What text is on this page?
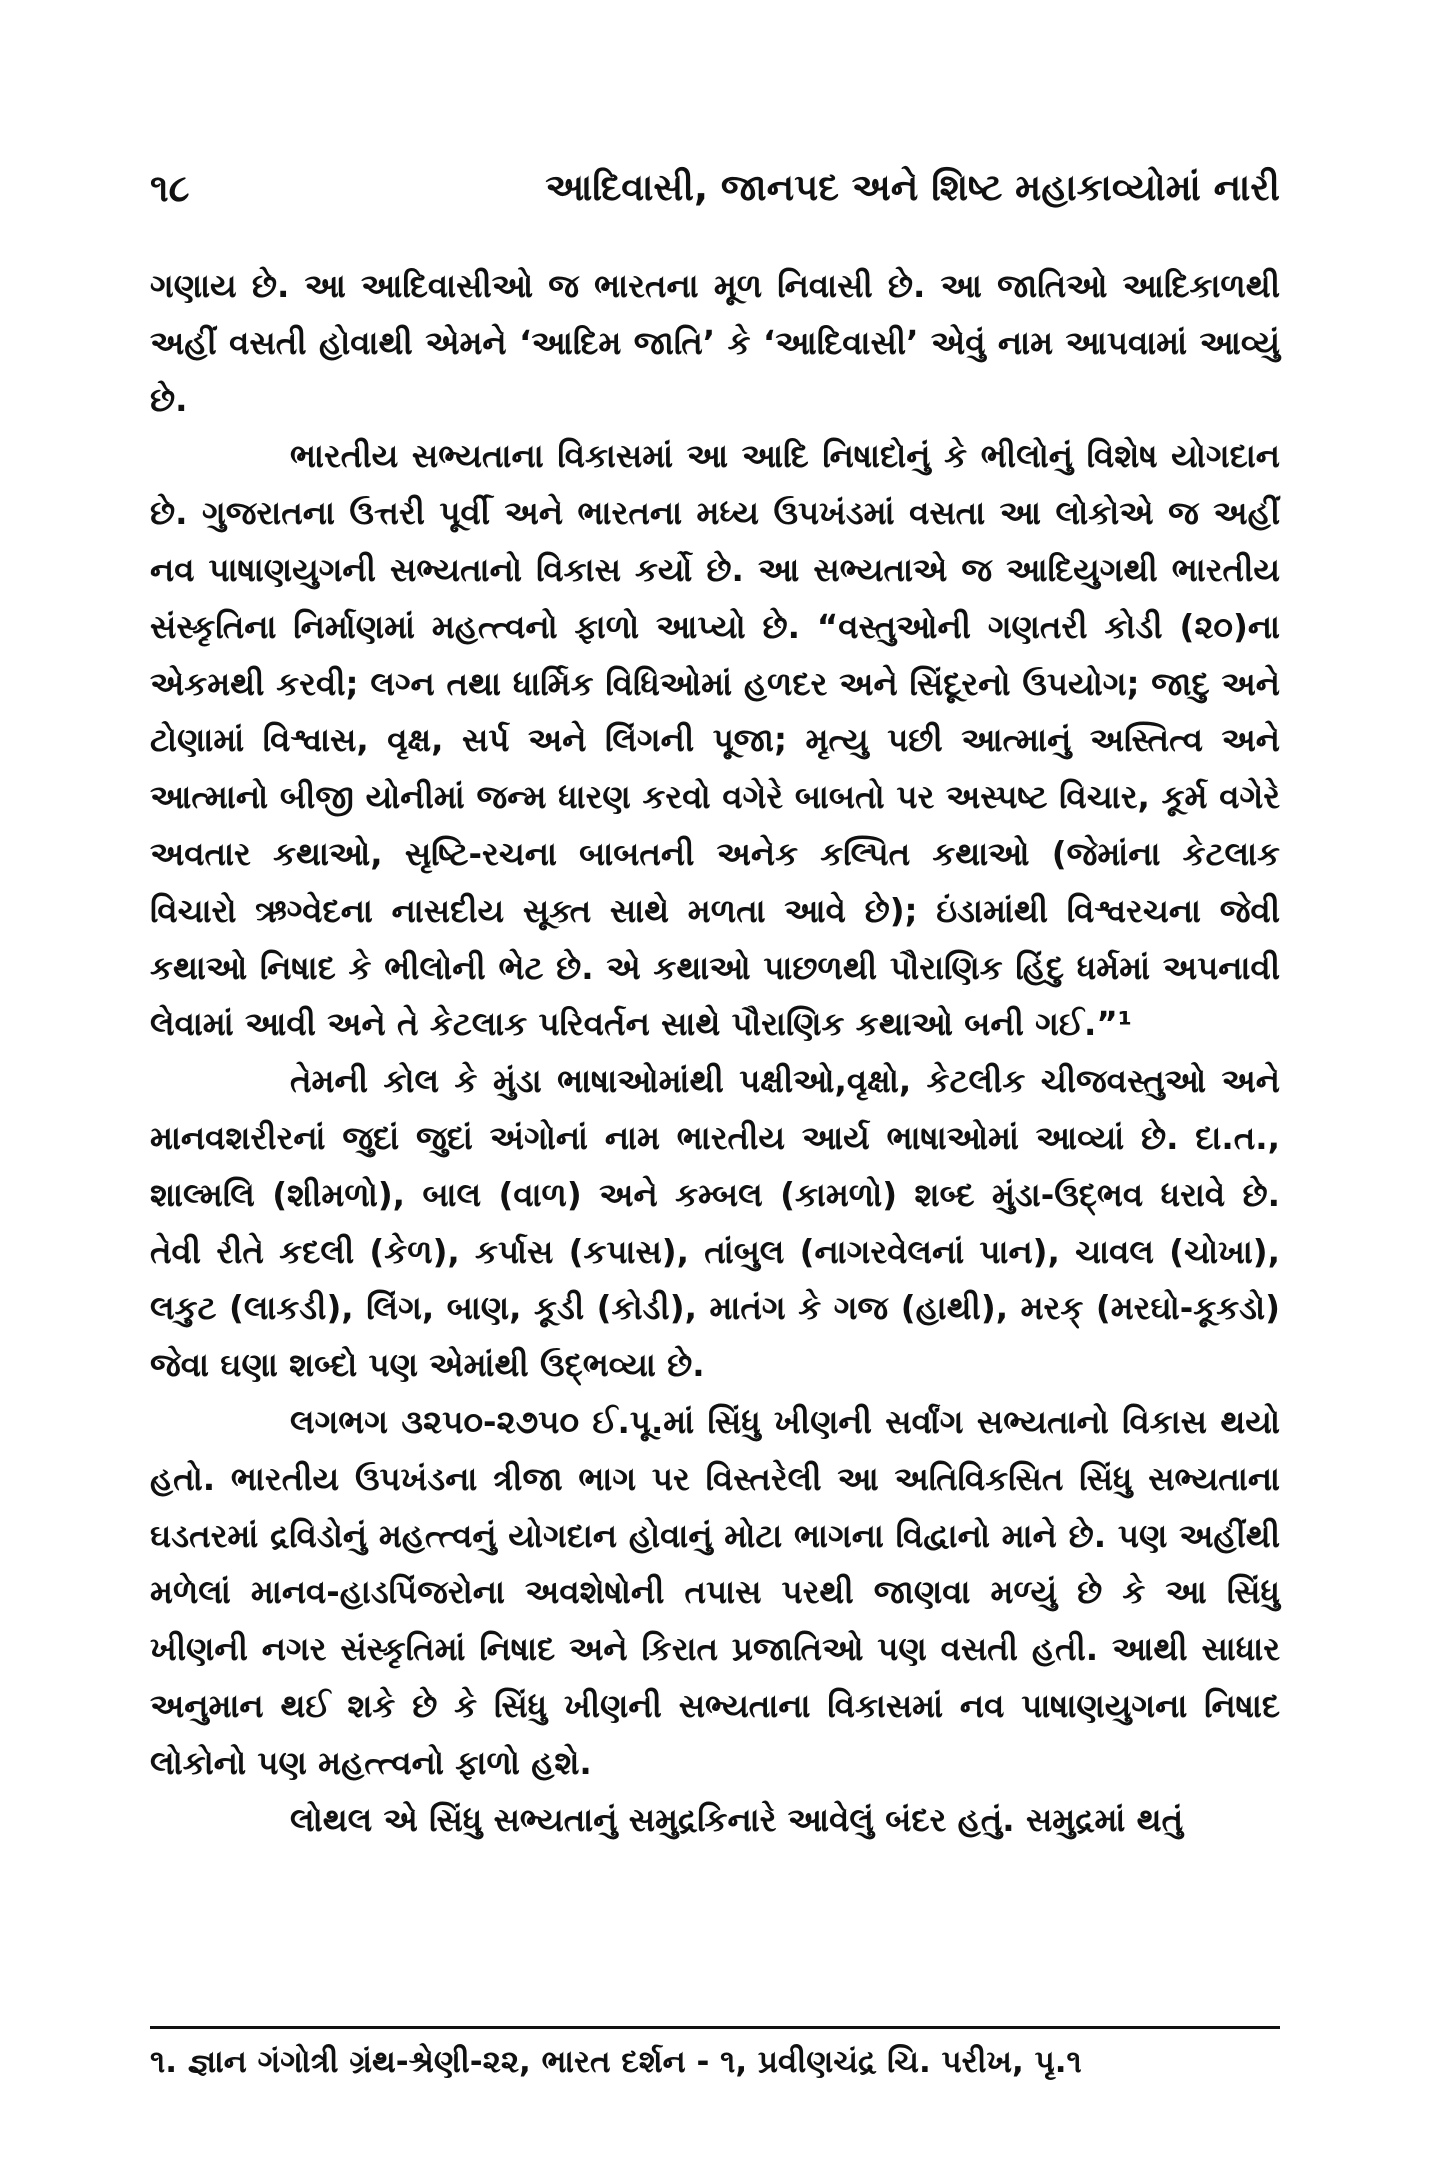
૧૮	આદિવાસી, જાનપદ અને શિષ્ટ મહાકાવ્યોમાં નારી

ગણાય છે. આ આદિવાસીઓ જ ભારતના મૂળ નિવાસી છે. આ જાતિઓ આદિકાળથી અહીં વસતી હોવાથી એમને ‘આદિમ જાતિ’ કે ‘આદિવાસી’ એવું નામ આપવામાં આવ્યું છે.

ભારતીય સભ્યતાના વિકાસમાં આ આદિ નિષાદોનું કે ભીલોનું વિશેષ યોગદાન છે. ગુજરાતના ઉત્તરી પૂર્વી અને ભારતના મધ્ય ઉપખંડમાં વસતા આ લોકોએ જ અહીં નવ પાષાણયુગની સભ્યતાનો વિકાસ કર્યો છે. આ સભ્યતાએ જ આદિયુગથી ભારતીય સંસ્કૃતિના નિર્માણમાં મહત્ત્વનો ફાળો આપ્યો છે. “વસ્તુઓની ગણતરી કોડી (૨૦)ના એકમથી કરવી; લગ્ન તથા ધાર્મિક વિધિઓમાં હળદર અને સિંદૂરનો ઉપયોગ; જાદુ અને ટોણામાં વિશ્વાસ, વૃક્ષ, સર્પ અને લિંગની પૂજા; મૃત્યુ પછી આત્માનું અસ્તિત્વ અને આત્માનો બીજી યોનીમાં જન્મ ધારણ કરવો વગેરે બાબતો પર અસ્પષ્ટ વિચાર, કૂર્મ વગેરે અવતાર કથાઓ, સૃષ્ટિ-રચના બાબતની અનેક કલ્પિત કથાઓ (જેમાંના કેટલાક વિચારો ઋગ્વેદના નાસદીય સૂક્ત સાથે મળતા આવે છે); ઇંડામાંથી વિશ્વરચના જેવી કથાઓ નિષાદ કે ભીલોની ભેટ છે. એ કથાઓ પાછળથી પૌરાણિક હિંદુ ધર્મમાં અપનાવી લેવામાં આવી અને તે કેટલાક પરિવર્તન સાથે પૌરાણિક કથાઓ બની ગઈ.”¹

તેમની કોલ કે મુંડા ભાષાઓમાંથી પક્ષીઓ,વૃક્ષો, કેટલીક ચીજવસ્તુઓ અને માનવશરીરનાં જુદાં જુદાં અંગોનાં નામ ભારતીય આર્ય ભાષાઓમાં આવ્યાં છે. દા.ત., શાલ્મલિ (શીમળો), બાલ (વાળ) અને કમ્બલ (કામળો) શબ્દ મુંડા-ઉદ્ભવ ધરાવે છે. તેવી રીતે કદલી (કેળ), કર્પાસ (કપાસ), તાંબુલ (નાગરવેલનાં પાન), ચાવલ (ચોખા), લકુટ (લાકડી), લિંગ, બાણ, કૂડી (કોડી), માતંગ કે ગજ (હાથી), મરક્ (મરઘો-કૂકડો) જેવા ઘણા શબ્દો પણ એમાંથી ઉદ્ભવ્યા છે.

લગભગ ૩૨૫૦-૨૭૫૦ ઈ.પૂ.માં સિંધુ ખીણની સર્વાંગ સભ્યતાનો વિકાસ થયો હતો. ભારતીય ઉપખંડના ત્રીજા ભાગ પર વિસ્તરેલી આ અતિવિકસિત સિંધુ સભ્યતાના ઘડતરમાં દ્રવિડોનું મહત્ત્વનું યોગદાન હોવાનું મોટા ભાગના વિદ્વાનો માને છે. પણ અહીંથી મળેલાં માનવ-હાડપિંજરોના અવશેષોની તપાસ પરથી જાણવા મળ્યું છે કે આ સિંધુ ખીણની નગર સંસ્કૃતિમાં નિષાદ અને કિરાત પ્રજાતિઓ પણ વસતી હતી. આથી સાધાર અનુમાન થઈ શકે છે કે સિંધુ ખીણની સભ્યતાના વિકાસમાં નવ પાષાણયુગના નિષાદ લોકોનો પણ મહત્ત્વનો ફાળો હશે.

લોથલ એ સિંધુ સભ્યતાનું સમુદ્રકિનારે આવેલું બંદર હતું. સમુદ્રમાં થતું

૧. જ્ઞાન ગંગોત્રી ગ્રંથ-શ્રેણી-૨૨, ભારત દર્શન - ૧, પ્રવીણચંદ્ર ચિ. પરીખ, પૃ.૧
